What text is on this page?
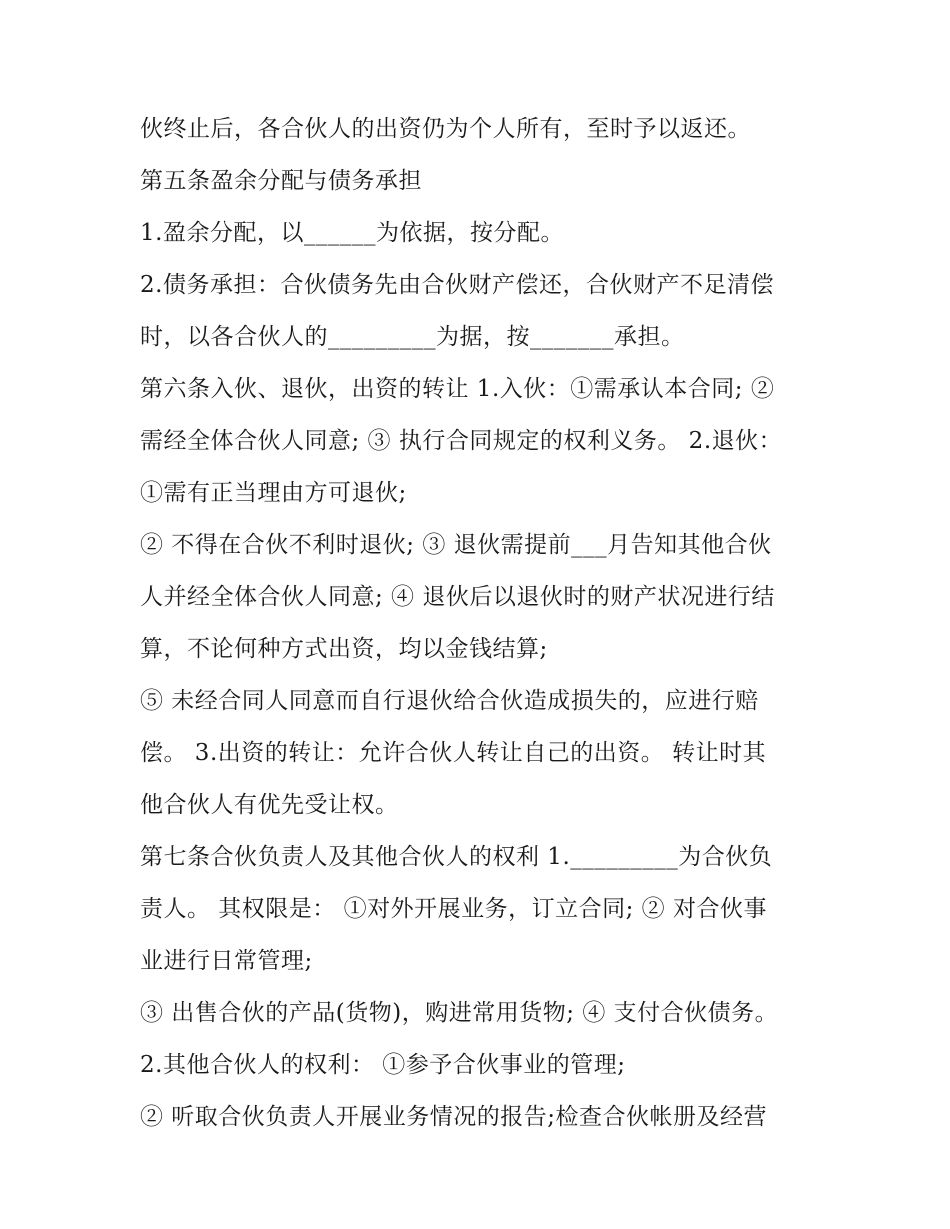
伙终止后，各合伙人的出资仍为个人所有，至时予以返还。
第五条盈余分配与债务承担
1.盈余分配，以______为依据，按分配。
2.债务承担：合伙债务先由合伙财产偿还，合伙财产不足清偿
时，以各合伙人的_________为据，按_______承担。
第六条入伙、退伙，出资的转让 1.入伙：①需承认本合同; ②
需经全体合伙人同意; ③ 执行合同规定的权利义务。 2.退伙：
①需有正当理由方可退伙;
② 不得在合伙不利时退伙; ③ 退伙需提前___月告知其他合伙
人并经全体合伙人同意; ④ 退伙后以退伙时的财产状况进行结
算，不论何种方式出资，均以金钱结算;
⑤ 未经合同人同意而自行退伙给合伙造成损失的，应进行赔
偿。 3.出资的转让：允许合伙人转让自己的出资。 转让时其
他合伙人有优先受让权。
第七条合伙负责人及其他合伙人的权利 1._________为合伙负
责人。 其权限是： ①对外开展业务，订立合同; ② 对合伙事
业进行日常管理;
③ 出售合伙的产品(货物)，购进常用货物; ④ 支付合伙债务。
2.其他合伙人的权利： ①参予合伙事业的管理;
② 听取合伙负责人开展业务情况的报告;检查合伙帐册及经营
